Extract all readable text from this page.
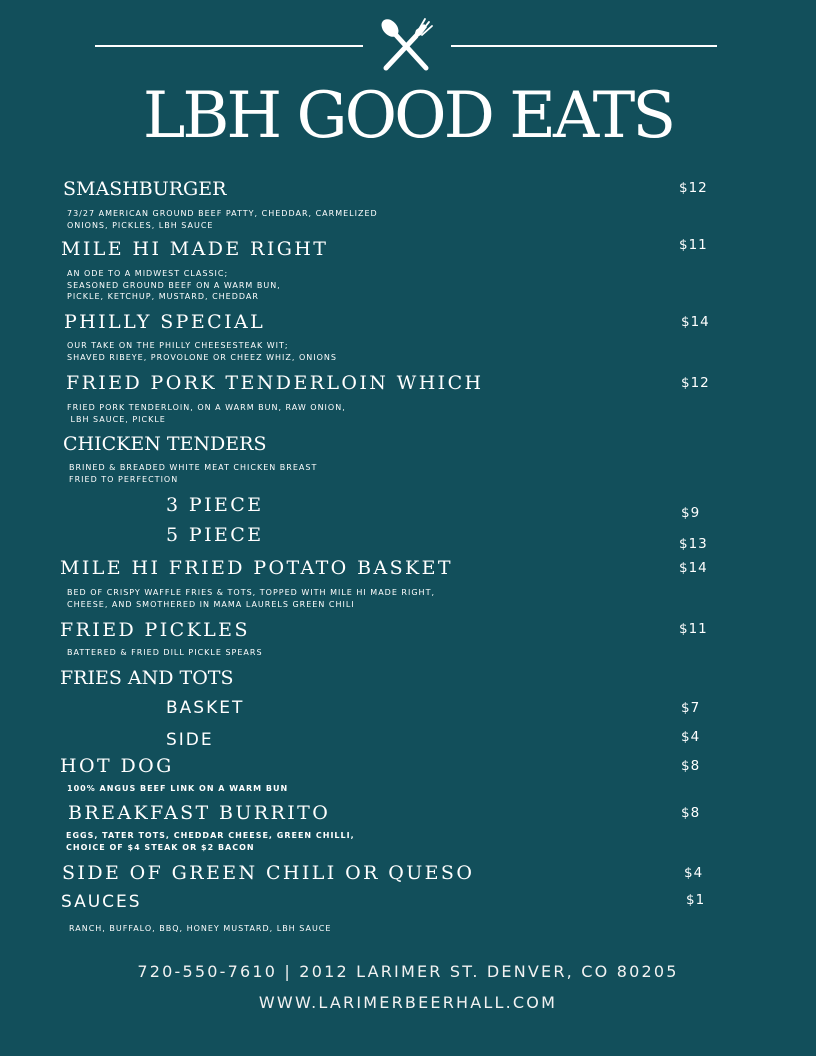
LBH GOOD EATS
SMASHBURGER	$12
73/27 AMERICAN GROUND BEEF PATTY, CHEDDAR, CARMELIZED
ONIONS, PICKLES, LBH SAUCE
MILE HI MADE RIGHT	$11
AN ODE TO A MIDWEST CLASSIC;
SEASONED GROUND BEEF ON A WARM BUN,
PICKLE, KETCHUP, MUSTARD, CHEDDAR
PHILLY SPECIAL	$14
OUR TAKE ON THE PHILLY CHEESESTEAK WIT;
SHAVED RIBEYE, PROVOLONE OR CHEEZ WHIZ, ONIONS
FRIED PORK TENDERLOIN WHICH	$12
FRIED PORK TENDERLOIN, ON A WARM BUN, RAW ONION,
LBH SAUCE, PICKLE
CHICKEN TENDERS
BRINED & BREADED WHITE MEAT CHICKEN BREAST
FRIED TO PERFECTION
3 PIECE	$9
5 PIECE	$13
MILE HI FRIED POTATO BASKET	$14
BED OF CRISPY WAFFLE FRIES & TOTS, TOPPED WITH MILE HI MADE RIGHT,
CHEESE, AND SMOTHERED IN MAMA LAURELS GREEN CHILI
FRIED PICKLES	$11
BATTERED & FRIED DILL PICKLE SPEARS
FRIES AND TOTS
BASKET	$7
SIDE	$4
HOT DOG	$8
100% ANGUS BEEF LINK ON A WARM BUN
BREAKFAST BURRITO	$8
EGGS, TATER TOTS, CHEDDAR CHEESE, GREEN CHILLI,
CHOICE OF $4 STEAK OR $2 BACON
SIDE OF GREEN CHILI OR QUESO	$4
SAUCES	$1
RANCH, BUFFALO, BBQ, HONEY MUSTARD, LBH SAUCE
720-550-7610 | 2012 LARIMER ST. DENVER, CO 80205
WWW.LARIMERBEERHALL.COM
